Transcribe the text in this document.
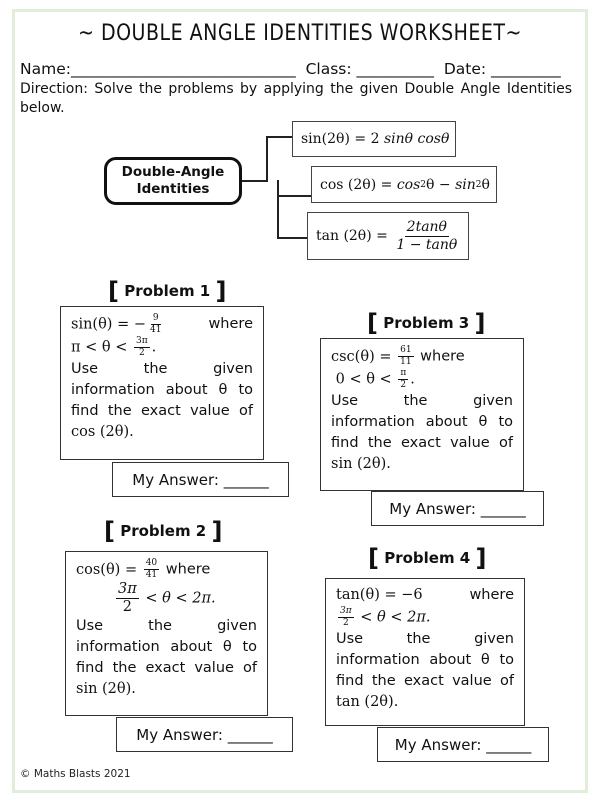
~ DOUBLE ANGLE IDENTITIES WORKSHEET~
Name:_____________________________ Class: __________ Date: _________
Direction: Solve the problems by applying the given Double Angle Identities below.
Double-Angle
Identities
sin(2θ) = 2
sinθ
cosθ
cos (2θ) =
cos 2 θ −
sin 2 θ
tan (2θ) =
$\frac{2\tan\theta}{1 - \tan\theta}$
[
Problem 1
]
sin(θ) = − $\frac{9}{41}$	where
$\pi < \theta < \frac{3\pi}{2}$ .
Use the given
information about θ to
find the exact value of
cos (2θ).
My Answer: ______
[
Problem 3
]
$\csc(\theta) = \frac{61}{11}$ where
$0 < \theta < \frac{\pi}{2}$ .
Use the given
information about θ to
find the exact value of
sin (2θ).
My Answer: ______
[
Problem 2
]
$\cos(\theta) = \frac{40}{41}$ where
$\frac{3\pi}{2} < \theta < 2\pi$.
Use the given
information about θ to
find the exact value of
sin (2θ).
My Answer: ______
[
Problem 4
]
tan(θ) = −6	where
$\frac{3\pi}{2} < \theta < 2\pi$.
Use the given
information about θ to
find the exact value of
tan (2θ).
My Answer: ______
© Maths Blasts 2021
